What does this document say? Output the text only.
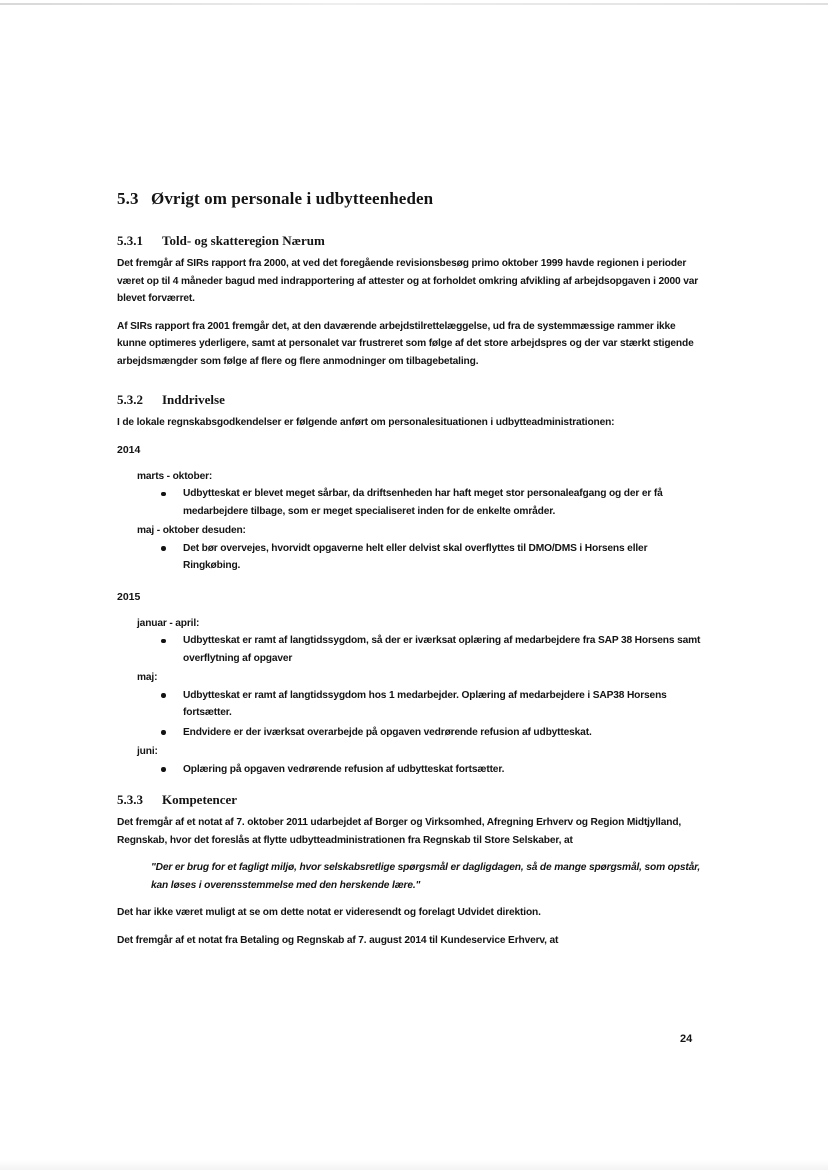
5.3 Øvrigt om personale i udbytteenheden
5.3.1 Told- og skatteregion Nærum

Det fremgår af SIRs rapport fra 2000, at ved det foregående revisionsbesøg primo oktober 1999 havde regionen i perioder været op til 4 måneder bagud med indrapportering af attester og at forholdet omkring afvikling af arbejdsopgaven i 2000 var blevet forværret.

Af SIRs rapport fra 2001 fremgår det, at den daværende arbejdstilrettelæggelse, ud fra de systemmæssige rammer ikke kunne optimeres yderligere, samt at personalet var frustreret som følge af det store arbejdspres og der var stærkt stigende arbejdsmængder som følge af flere og flere anmodninger om tilbagebetaling.

5.3.2 Inddrivelse

I de lokale regnskabsgodkendelser er følgende anført om personalesituationen i udbytteadministrationen:

2014
marts - oktober:
Udbytteskat er blevet meget sårbar, da driftsenheden har haft meget stor personaleafgang og der er få medarbejdere tilbage, som er meget specialiseret inden for de enkelte områder.
maj - oktober desuden:
Det bør overvejes, hvorvidt opgaverne helt eller delvist skal overflyttes til DMO/DMS i Horsens eller Ringkøbing.
2015
januar - april:
Udbytteskat er ramt af langtidssygdom, så der er iværksat oplæring af medarbejdere fra SAP 38 Horsens samt overflytning af opgaver
maj:
Udbytteskat er ramt af langtidssygdom hos 1 medarbejder. Oplæring af medarbejdere i SAP38 Horsens fortsætter.
Endvidere er der iværksat overarbejde på opgaven vedrørende refusion af udbytteskat.
juni:
Oplæring på opgaven vedrørende refusion af udbytteskat fortsætter.
5.3.3 Kompetencer

Det fremgår af et notat af 7. oktober 2011 udarbejdet af Borger og Virksomhed, Afregning Erhverv og Region Midtjylland, Regnskab, hvor det foreslås at flytte udbytteadministrationen fra Regnskab til Store Selskaber, at

"Der er brug for et fagligt miljø, hvor selskabsretlige spørgsmål er dagligdagen, så de mange spørgsmål, som opstår, kan løses i overensstemmelse med den herskende lære."

Det har ikke været muligt at se om dette notat er videresendt og forelagt Udvidet direktion.

Det fremgår af et notat fra Betaling og Regnskab af 7. august 2014 til Kundeservice Erhverv, at

24
